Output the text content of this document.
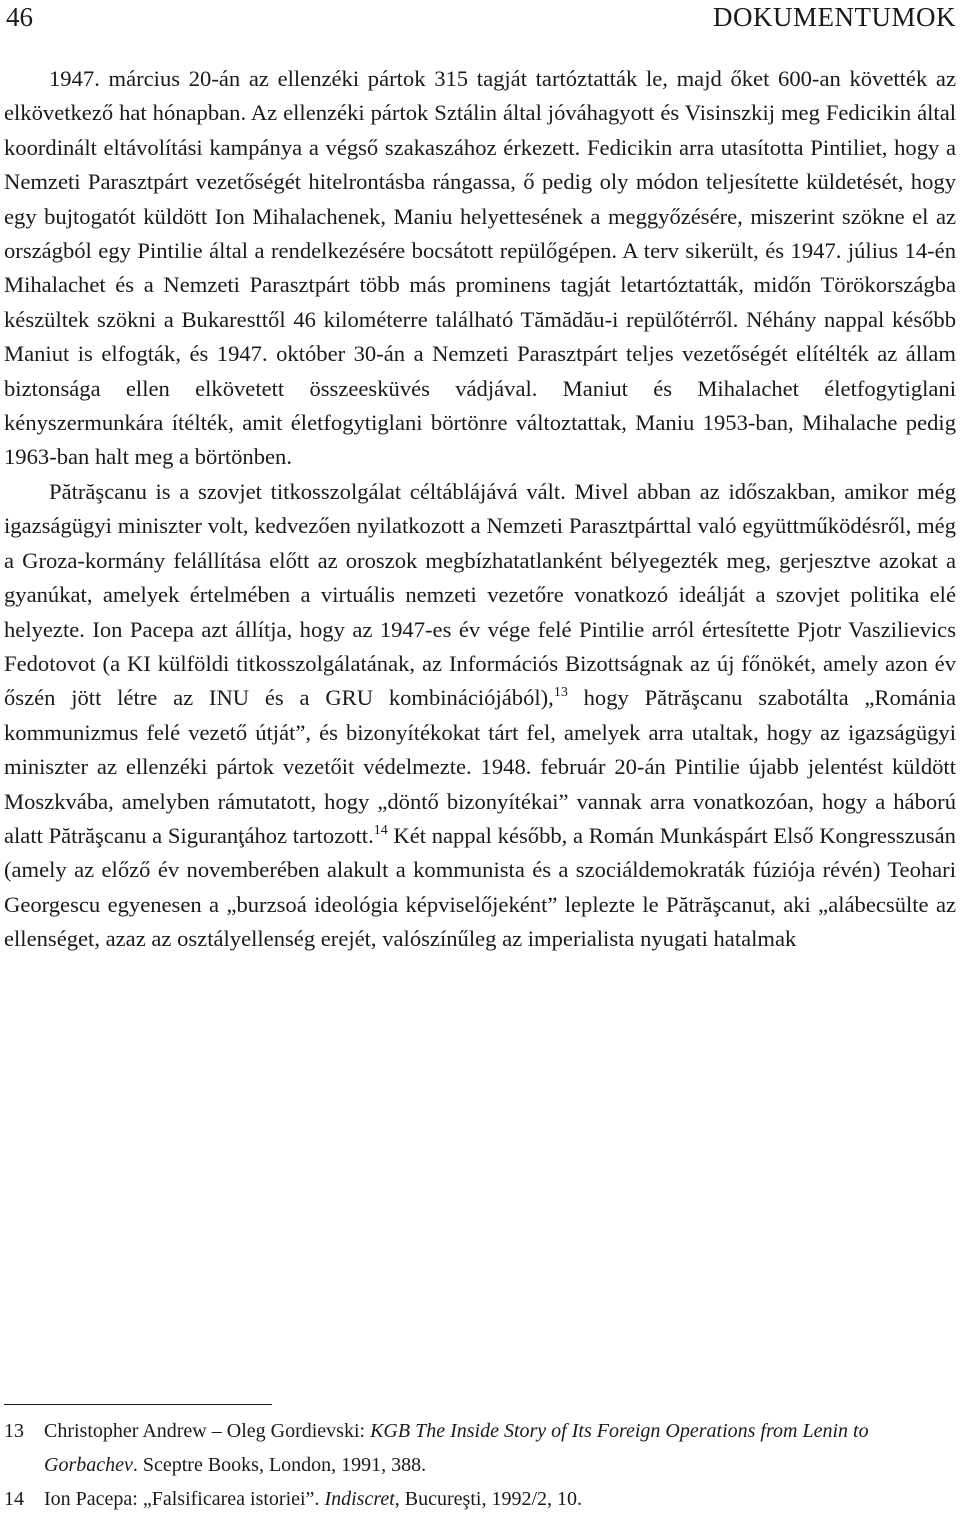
46	DOKUMENTUMOK

1947. március 20-án az ellenzéki pártok 315 tagját tartóztatták le, majd őket 600-an követték az elkövetkező hat hónapban. Az ellenzéki pártok Sztálin által jóváhagyott és Visinszkij meg Fedicikin által koordinált eltávolítási kampánya a végső szakaszához érkezett. Fedicikin arra utasította Pintiliet, hogy a Nemzeti Parasztpárt vezetőségét hitelrontásba rángassa, ő pedig oly módon teljesítette küldetését, hogy egy bujtogatót küldött Ion Mihalachenek, Maniu helyettesének a meggyőzésére, miszerint szökne el az országból egy Pintilie által a rendelkezésére bocsátott repülőgépen. A terv sikerült, és 1947. július 14-én Mihalachet és a Nemzeti Parasztpárt több más prominens tagját letartóztatták, midőn Törökországba készültek szökni a Bukaresttől 46 kilométerre található Tămădău-i repülőtérről. Néhány nappal később Maniut is elfogták, és 1947. október 30-án a Nemzeti Parasztpárt teljes vezetőségét elítélték az állam biztonsága ellen elkövetett összeesküvés vádjával. Maniut és Mihalachet életfogytiglani kényszermunkára ítélték, amit életfogytiglani börtönre változtattak, Maniu 1953-ban, Mihalache pedig 1963-ban halt meg a börtönben.

Pătrăşcanu is a szovjet titkosszolgálat céltáblájává vált. Mivel abban az időszakban, amikor még igazságügyi miniszter volt, kedvezően nyilatkozott a Nemzeti Parasztpárttal való együttműködésről, még a Groza-kormány felállítása előtt az oroszok megbízhatatlanként bélyegezték meg, gerjesztve azokat a gyanúkat, amelyek értelmében a virtuális nemzeti vezetőre vonatkozó ideálját a szovjet politika elé helyezte. Ion Pacepa azt állítja, hogy az 1947-es év vége felé Pintilie arról értesítette Pjotr Vaszilievics Fedotovot (a KI külföldi titkosszolgálatának, az Információs Bizottságnak az új főnökét, amely azon év őszén jött létre az INU és a GRU kombinációjából),$^{13}$ hogy Pătrăşcanu szabotálta „Románia kommunizmus felé vezető útját”, és bizonyítékokat tárt fel, amelyek arra utaltak, hogy az igazságügyi miniszter az ellenzéki pártok vezetőit védelmezte. 1948. február 20-án Pintilie újabb jelentést küldött Moszkvába, amelyben rámutatott, hogy „döntő bizonyítékai” vannak arra vonatkozóan, hogy a háború alatt Pătrăşcanu a Siguranţához tartozott.$^{14}$ Két nappal később, a Román Munkáspárt Első Kongresszusán (amely az előző év novemberében alakult a kommunista és a szociáldemokraták fúziója révén) Teohari Georgescu egyenesen a „burzsoá ideológia képviselőjeként” leplezte le Pătrăşcanut, aki „alábecsülte az ellenséget, azaz az osztályellenség erejét, valószínűleg az imperialista nyugati hatalmak

13 Christopher Andrew – Oleg Gordievski: KGB The Inside Story of Its Foreign Operations from Lenin to Gorbachev. Sceptre Books, London, 1991, 388.

14 Ion Pacepa: „Falsificarea istoriei”. Indiscret, Bucureşti, 1992/2, 10.
